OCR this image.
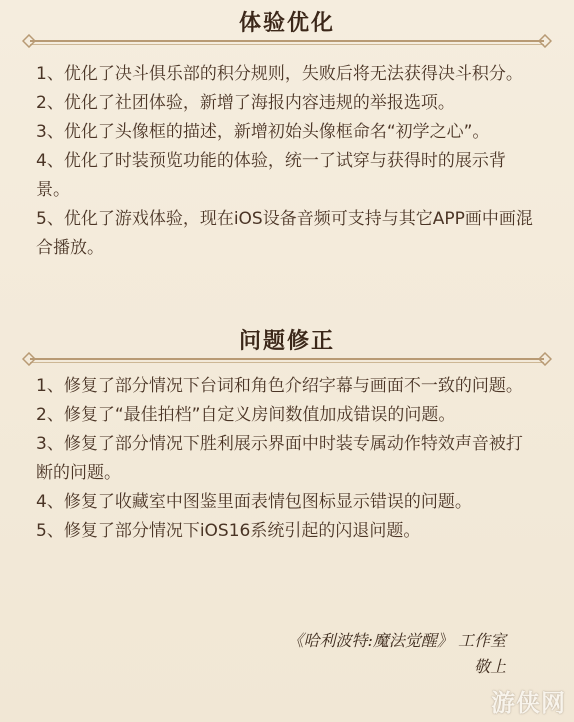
体验优化
1、优化了决斗俱乐部的积分规则，失败后将无法获得决斗积分。
2、优化了社团体验，新增了海报内容违规的举报选项。
3、优化了头像框的描述，新增初始头像框命名“初学之心”。
4、优化了时装预览功能的体验，统一了试穿与获得时的展示背景。
5、优化了游戏体验，现在iOS设备音频可支持与其它APP画中画混合播放。
问题修正
1、修复了部分情况下台词和角色介绍字幕与画面不一致的问题。
2、修复了“最佳拍档”自定义房间数值加成错误的问题。
3、修复了部分情况下胜利展示界面中时装专属动作特效声音被打断的问题。
4、修复了收藏室中图鉴里面表情包图标显示错误的问题。
5、修复了部分情况下iOS16系统引起的闪退问题。
《哈利波特:魔法觉醒》 工作室
敬上
游侠网
